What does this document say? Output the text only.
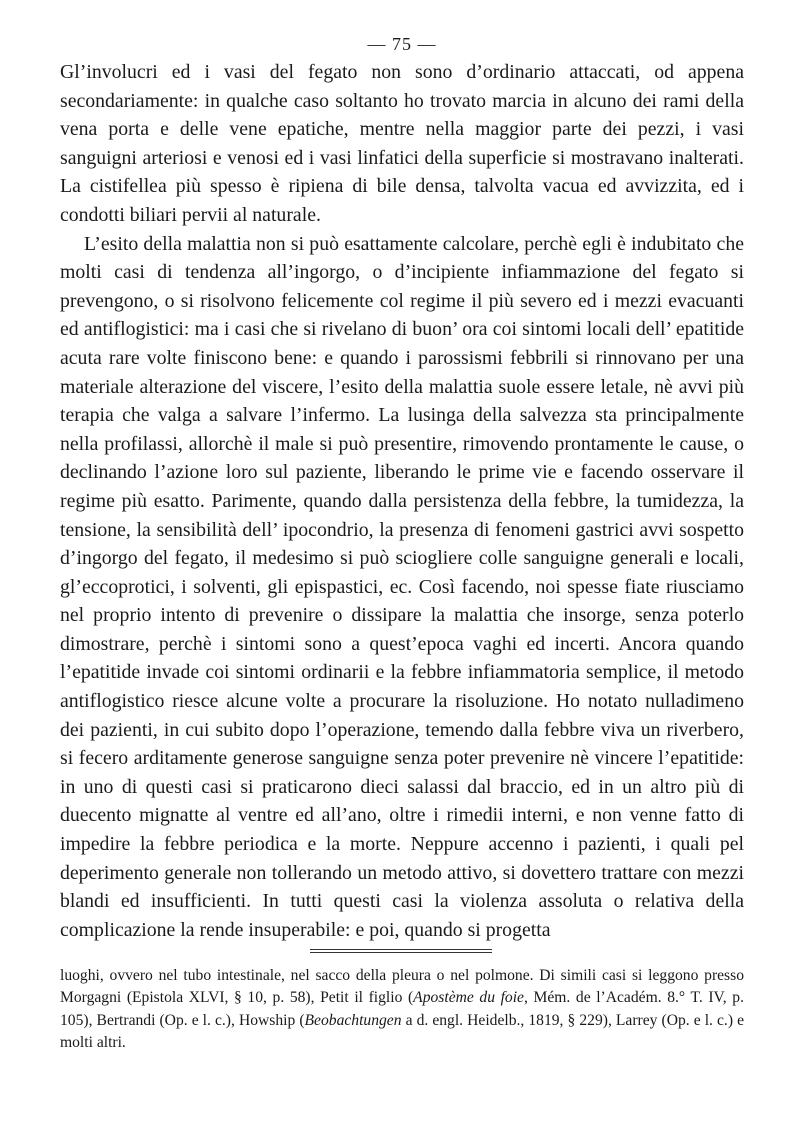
— 75 —

Gl’involucri ed i vasi del fegato non sono d’ordinario attaccati, od appena secondariamente: in qualche caso soltanto ho trovato marcia in alcuno dei rami della vena porta e delle vene epatiche, mentre nella maggior parte dei pezzi, i vasi sanguigni arteriosi e venosi ed i vasi linfatici della superficie si mostravano inalterati. La cistifellea più spesso è ripiena di bile densa, talvolta vacua ed avvizzita, ed i condotti biliari pervii al naturale.

L’esito della malattia non si può esattamente calcolare, perchè egli è indubitato che molti casi di tendenza all’ingorgo, o d’incipiente infiammazione del fegato si prevengono, o si risolvono felicemente col regime il più severo ed i mezzi evacuanti ed antiflogistici: ma i casi che si rivelano di buon’ ora coi sintomi locali dell’ epatitide acuta rare volte finiscono bene: e quando i parossismi febbrili si rinnovano per una materiale alterazione del viscere, l’esito della malattia suole essere letale, nè avvi più terapia che valga a salvare l’infermo. La lusinga della salvezza sta principalmente nella profilassi, allorchè il male si può presentire, rimovendo prontamente le cause, o declinando l’azione loro sul paziente, liberando le prime vie e facendo osservare il regime più esatto. Parimente, quando dalla persistenza della febbre, la tumidezza, la tensione, la sensibilità dell’ ipocondrio, la presenza di fenomeni gastrici avvi sospetto d’ingorgo del fegato, il medesimo si può sciogliere colle sanguigne generali e locali, gl’eccoprotici, i solventi, gli epispastici, ec. Così facendo, noi spesse fiate riusciamo nel proprio intento di prevenire o dissipare la malattia che insorge, senza poterlo dimostrare, perchè i sintomi sono a quest’epoca vaghi ed incerti. Ancora quando l’epatitide invade coi sintomi ordinarii e la febbre infiammatoria semplice, il metodo antiflogistico riesce alcune volte a procurare la risoluzione. Ho notato nulladimeno dei pazienti, in cui subito dopo l’operazione, temendo dalla febbre viva un riverbero, si fecero arditamente generose sanguigne senza poter prevenire nè vincere l’epatitide: in uno di questi casi si praticarono dieci salassi dal braccio, ed in un altro più di duecento mignatte al ventre ed all’ano, oltre i rimedii interni, e non venne fatto di impedire la febbre periodica e la morte. Neppure accenno i pazienti, i quali pel deperimento generale non tollerando un metodo attivo, si dovettero trattare con mezzi blandi ed insufficienti. In tutti questi casi la violenza assoluta o relativa della complicazione la rende insuperabile: e poi, quando si progetta

luoghi, ovvero nel tubo intestinale, nel sacco della pleura o nel polmone. Di simili casi si leggono presso Morgagni (Epistola XLVI, § 10, p. 58), Petit il figlio (Apostème du foie, Mém. de l’Académ. 8.° T. IV, p. 105), Bertrandi (Op. e l. c.), Howship (Beobachtungen a d. engl. Heidelb., 1819, § 229), Larrey (Op. e l. c.) e molti altri.
